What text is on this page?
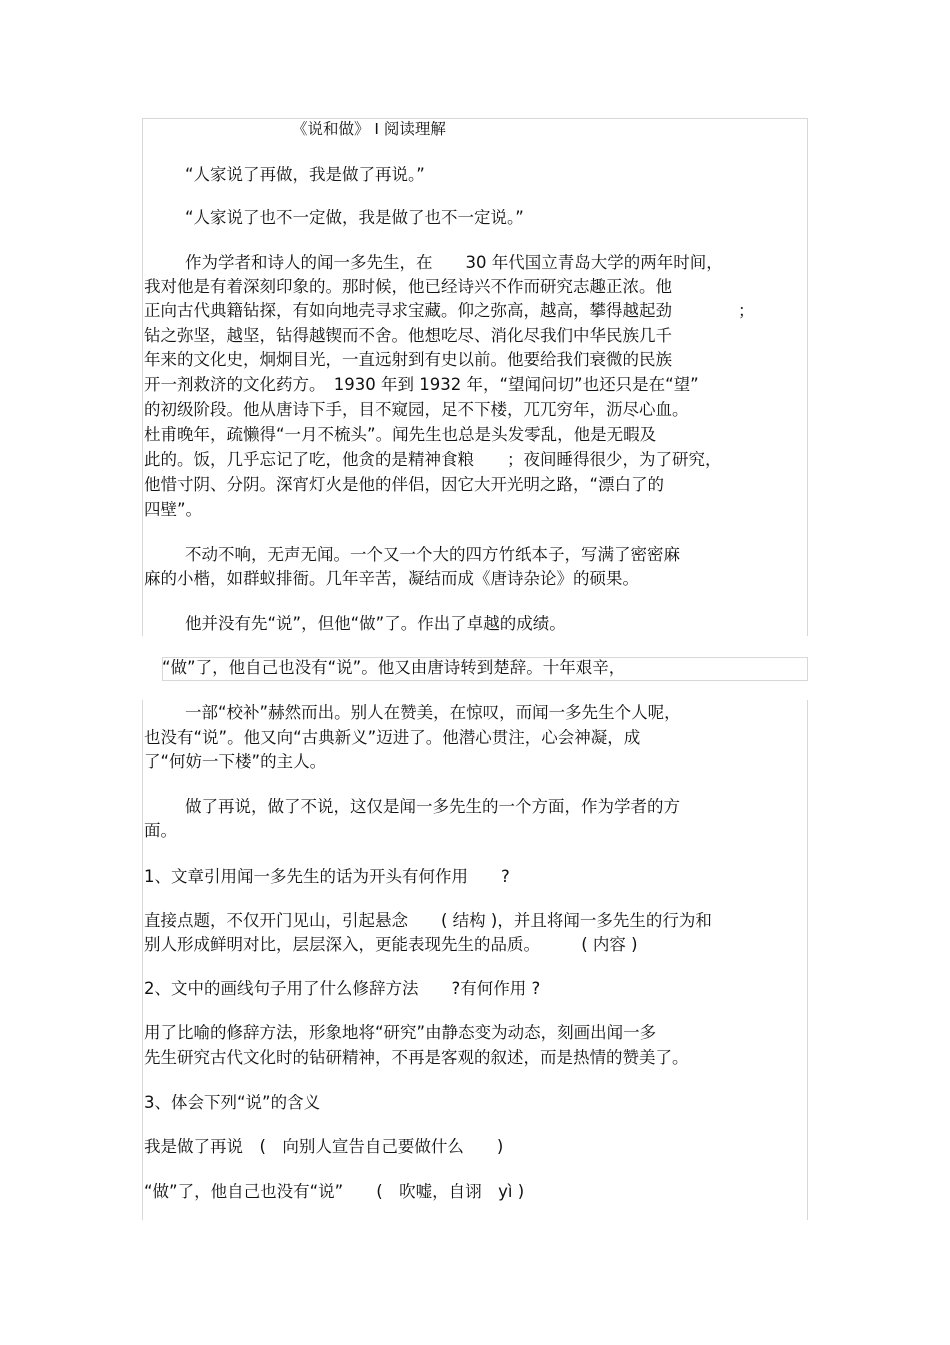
《说和做》 I 阅读理解
“人家说了再做，我是做了再说。”
“人家说了也不一定做，我是做了也不一定说。”
作为学者和诗人的闻一多先生，在　　30 年代国立青岛大学的两年时间，
我对他是有着深刻印象的。那时候，他已经诗兴不作而研究志趣正浓。他
正向古代典籍钻探，有如向地壳寻求宝藏。仰之弥高，越高，攀得越起劲　　　　；
钻之弥坚，越坚，钻得越锲而不舍。他想吃尽、消化尽我们中华民族几千
年来的文化史，炯炯目光，一直远射到有史以前。他要给我们衰微的民族
开一剂救济的文化药方。　1930 年到 1932 年，“望闻问切”也还只是在“望”
的初级阶段。他从唐诗下手，目不窥园，足不下楼，兀兀穷年，沥尽心血。
杜甫晚年，疏懒得“一月不梳头”。闻先生也总是头发零乱，他是无暇及
此的。饭，几乎忘记了吃，他贪的是精神食粮　　；夜间睡得很少，为了研究，
他惜寸阴、分阴。深宵灯火是他的伴侣，因它大开光明之路，“漂白了的
四壁”。
不动不响，无声无闻。一个又一个大的四方竹纸本子，写满了密密麻
麻的小楷，如群蚁排衙。几年辛苦，凝结而成《唐诗杂论》的硕果。
他并没有先“说”，但他“做”了。作出了卓越的成绩。
“做”了，他自己也没有“说”。他又由唐诗转到楚辞。十年艰辛，
一部“校补”赫然而出。别人在赞美，在惊叹，而闻一多先生个人呢，
也没有“说”。他又向“古典新义”迈进了。他潜心贯注，心会神凝，成
了“何妨一下楼”的主人。
做了再说，做了不说，这仅是闻一多先生的一个方面，作为学者的方
面。
1、文章引用闻一多先生的话为开头有何作用　　?
直接点题，不仅开门见山，引起悬念　　( 结构 )，并且将闻一多先生的行为和
别人形成鲜明对比，层层深入，更能表现先生的品质。　　　( 内容 )
2、文中的画线句子用了什么修辞方法　　?有何作用 ?
用了比喻的修辞方法，形象地将“研究”由静态变为动态，刻画出闻一多
先生研究古代文化时的钻研精神，不再是客观的叙述，而是热情的赞美了。
3、体会下列“说”的含义
我是做了再说　(　向别人宣告自己要做什么　　)
“做”了，他自己也没有“说”　　(　吹嘘，自诩　yì )
